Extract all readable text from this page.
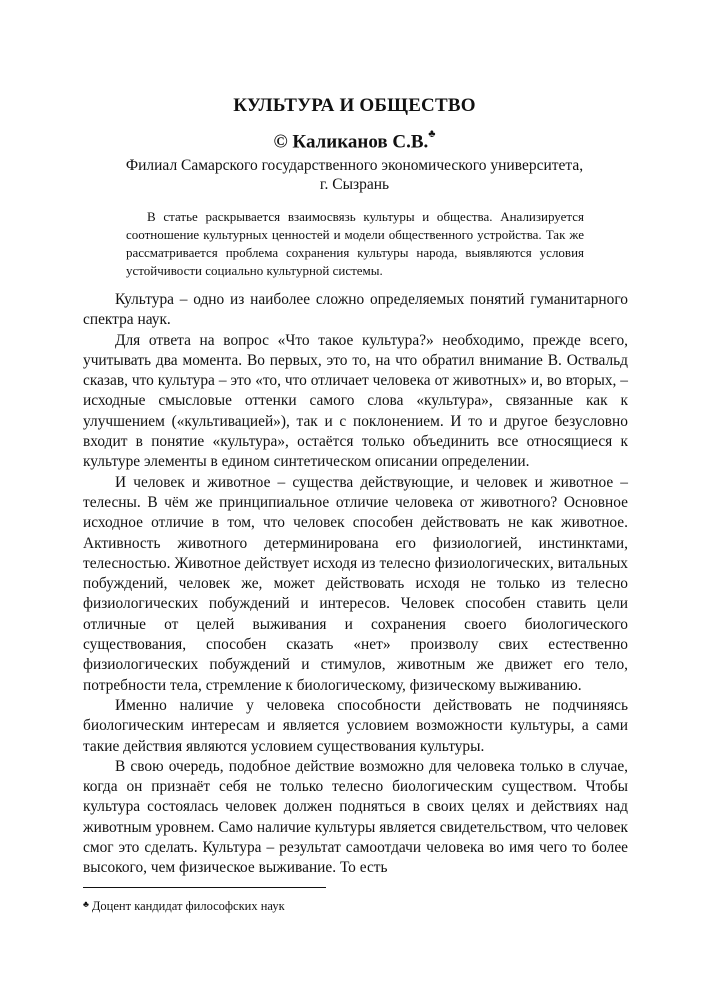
КУЛЬТУРА И ОБЩЕСТВО
© Каликанов С.В.♣
Филиал Самарского государственного экономического университета,
г. Сызрань

В статье раскрывается взаимосвязь культуры и общества. Анализируется соотношение культурных ценностей и модели общественного устройства. Так же рассматривается проблема сохранения культуры народа, выявляются условия устойчивости социально культурной системы.

Культура – одно из наиболее сложно определяемых понятий гуманитарного спектра наук.

Для ответа на вопрос «Что такое культура?» необходимо, прежде всего, учитывать два момента. Во первых, это то, на что обратил внимание В. Оствальд сказав, что культура – это «то, что отличает человека от животных» и, во вторых, – исходные смысловые оттенки самого слова «культура», связанные как к улучшением («культивацией»), так и с поклонением. И то и другое безусловно входит в понятие «культура», остаётся только объединить все относящиеся к культуре элементы в едином синтетическом описании определении.

И человек и животное – существа действующие, и человек и животное – телесны. В чём же принципиальное отличие человека от животного? Основное исходное отличие в том, что человек способен действовать не как животное. Активность животного детерминирована его физиологией, инстинктами, телесностью. Животное действует исходя из телесно физиологических, витальных побуждений, человек же, может действовать исходя не только из телесно физиологических побуждений и интересов. Человек способен ставить цели отличные от целей выживания и сохранения своего биологического существования, способен сказать «нет» произволу свих естественно физиологических побуждений и стимулов, животным же движет его тело, потребности тела, стремление к биологическому, физическому выживанию.

Именно наличие у человека способности действовать не подчиняясь биологическим интересам и является условием возможности культуры, а сами такие действия являются условием существования культуры.

В свою очередь, подобное действие возможно для человека только в случае, когда он признаёт себя не только телесно биологическим существом. Чтобы культура состоялась человек должен подняться в своих целях и действиях над животным уровнем. Само наличие культуры является свидетельством, что человек смог это сделать. Культура – результат самоотдачи человека во имя чего то более высокого, чем физическое выживание. То есть

♣ Доцент кандидат философских наук
